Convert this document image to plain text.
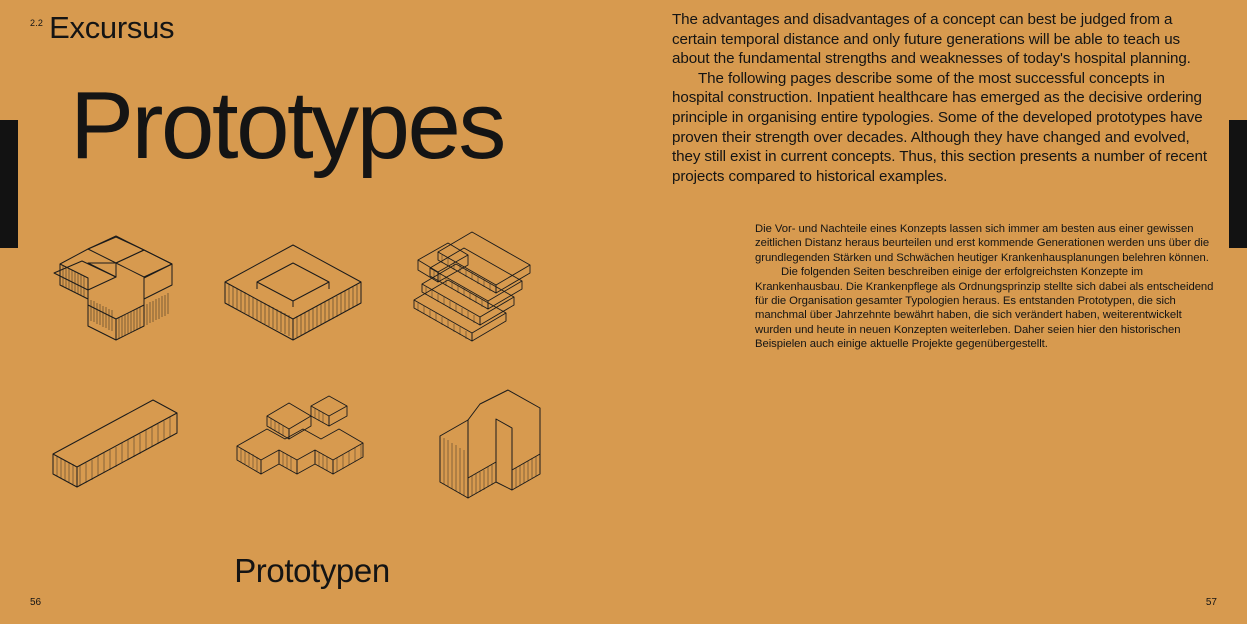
2.2 Excursus
Prototypes
Prototypen
56

The advantages and disadvantages of a concept can best be judged from a certain temporal distance and only future generations will be able to teach us about the fundamental strengths and weaknesses of today's hospital planning.

The following pages describe some of the most successful concepts in hospital construction. Inpatient healthcare has emerged as the decisive ordering principle in organising entire typologies. Some of the developed prototypes have proven their strength over decades. Although they have changed and evolved, they still exist in current concepts. Thus, this section presents a number of recent projects compared to historical examples.

Die Vor- und Nachteile eines Konzepts lassen sich immer am besten aus einer gewissen zeitlichen Distanz heraus beurteilen und erst kommende Generationen werden uns über die grundlegenden Stärken und Schwächen heutiger Krankenhausplanungen belehren können.

Die folgenden Seiten beschreiben einige der erfolgreichsten Konzepte im Krankenhausbau. Die Krankenpflege als Ordnungsprinzip stellte sich dabei als entscheidend für die Organisation gesamter Typologien heraus. Es entstanden Prototypen, die sich manchmal über Jahrzehnte bewährt haben, die sich verändert haben, weiterentwickelt wurden und heute in neuen Konzepten weiterleben. Daher seien hier den historischen Beispielen auch einige aktuelle Projekte gegenübergestellt.

57
